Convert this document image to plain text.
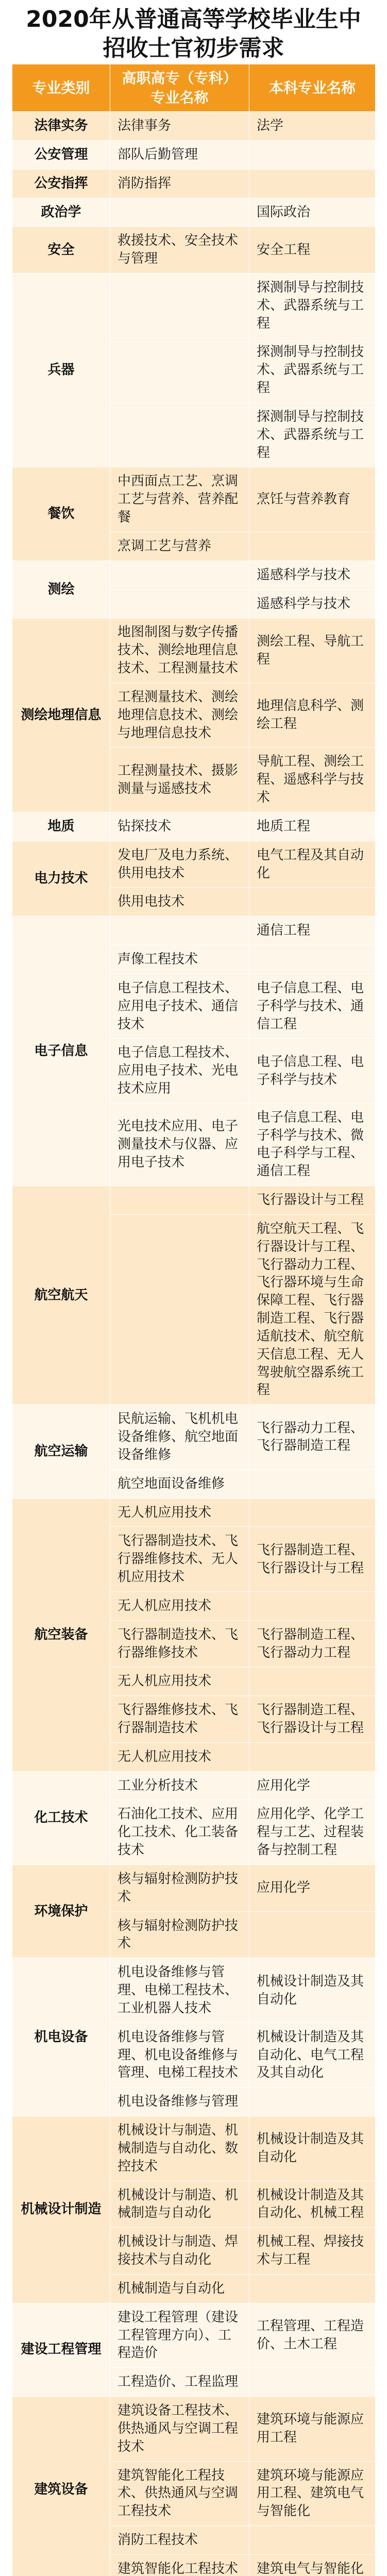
2020年从普通高等学校毕业生中
招收士官初步需求
专业类别	高职高专（专科）专业名称	本科专业名称
法律实务	法律事务	法学
公安管理	部队后勤管理	
公安指挥	消防指挥	
政治学		国际政治
安全	救援技术、安全技术与管理	安全工程
兵器		探测制导与控制技术、武器系统与工程
		探测制导与控制技术、武器系统与工程
		探测制导与控制技术、武器系统与工程
餐饮	中西面点工艺、烹调工艺与营养、营养配餐	烹饪与营养教育
	烹调工艺与营养	
测绘		遥感科学与技术
		遥感科学与技术
测绘地理信息	地图制图与数字传播技术、测绘地理信息技术、工程测量技术	测绘工程、导航工程
	工程测量技术、测绘地理信息技术、测绘与地理信息技术	地理信息科学、测绘工程
	工程测量技术、摄影测量与遥感技术	导航工程、测绘工程、遥感科学与技术
地质	钻探技术	地质工程
电力技术	发电厂及电力系统、供用电技术	电气工程及其自动化
	供用电技术	
电子信息		通信工程
	声像工程技术	
	电子信息工程技术、应用电子技术、通信技术	电子信息工程、电子科学与技术、通信工程
	电子信息工程技术、应用电子技术、光电技术应用	电子信息工程、电子科学与技术
	光电技术应用、电子测量技术与仪器、应用电子技术	电子信息工程、电子科学与技术、微电子科学与工程、通信工程
航空航天		飞行器设计与工程
		航空航天工程、飞行器设计与工程、飞行器动力工程、飞行器环境与生命保障工程、飞行器制造工程、飞行器适航技术、航空航天信息工程、无人驾驶航空器系统工程
航空运输	民航运输、飞机机电设备维修、航空地面设备维修	飞行器动力工程、飞行器制造工程
	航空地面设备维修	
航空装备	无人机应用技术	
	飞行器制造技术、飞行器维修技术、无人机应用技术	飞行器制造工程、飞行器设计与工程
	无人机应用技术	
	飞行器制造技术、飞行器维修技术	飞行器制造工程、飞行器动力工程
	无人机应用技术	
	飞行器维修技术、飞行器制造技术	飞行器制造工程、飞行器设计与工程
	无人机应用技术	
化工技术	工业分析技术	应用化学
	石油化工技术、应用化工技术、化工装备技术	应用化学、化学工程与工艺、过程装备与控制工程
环境保护	核与辐射检测防护技术	应用化学
	核与辐射检测防护技术	
机电设备	机电设备维修与管理、电梯工程技术、工业机器人技术	机械设计制造及其自动化
	机电设备维修与管理、机电设备维修与管理、电梯工程技术	机械设计制造及其自动化、电气工程及其自动化
	机电设备维修与管理	
机械设计制造	机械设计与制造、机械制造与自动化、数控技术	机械设计制造及其自动化
	机械设计与制造、机械制造与自动化	机械设计制造及其自动化、机械工程
	机械设计与制造、焊接技术与自动化	机械工程、焊接技术与工程
	机械制造与自动化	
建设工程管理	建设工程管理（建设工程管理方向）、工程造价	工程管理、工程造价、土木工程
	工程造价、工程监理	
建筑设备	建筑设备工程技术、供热通风与空调工程技术	建筑环境与能源应用工程
	建筑智能化工程技术、供热通风与空调工程技术	建筑环境与能源应用工程、建筑电气与智能化
	消防工程技术	
	建筑智能化工程技术	建筑电气与智能化
